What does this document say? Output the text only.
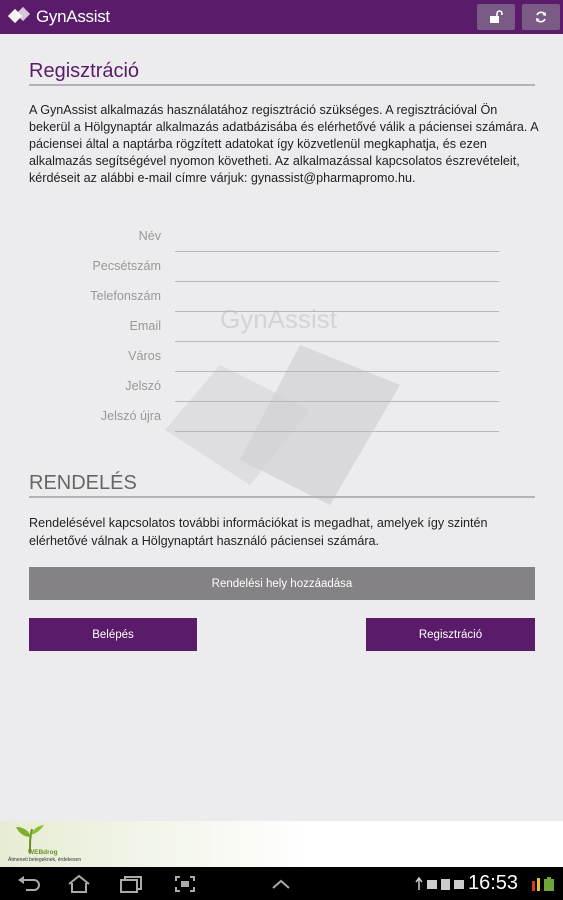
GynAssist
Regisztráció
A GynAssist alkalmazás használatához regisztráció szükséges. A regisztrációval Ön bekerül a Hölgynaptár alkalmazás adatbázisába és elérhetővé válik a páciensei számára. A páciensei által a naptárba rögzített adatokat így közvetlenül megkaphatja, és ezen alkalmazás segítségével nyomon követheti. Az alkalmazással kapcsolatos észrevételeit, kérdéseit az alábbi e-mail címre várjuk: gynassist@pharmapromo.hu.
GynAssist
Név
Pecsétszám
Telefonszám
Email
Város
Jelszó
Jelszó újra
RENDELÉS
Rendelésével kapcsolatos további információkat is megadhat, amelyek így szintén elérhetővé válnak a Hölgynaptárt használó páciensei számára.
Rendelési hely hozzáadása
Belépés	Regisztráció
WEBdrog
Átmeneti betegeknek, érdekesen
16:53
